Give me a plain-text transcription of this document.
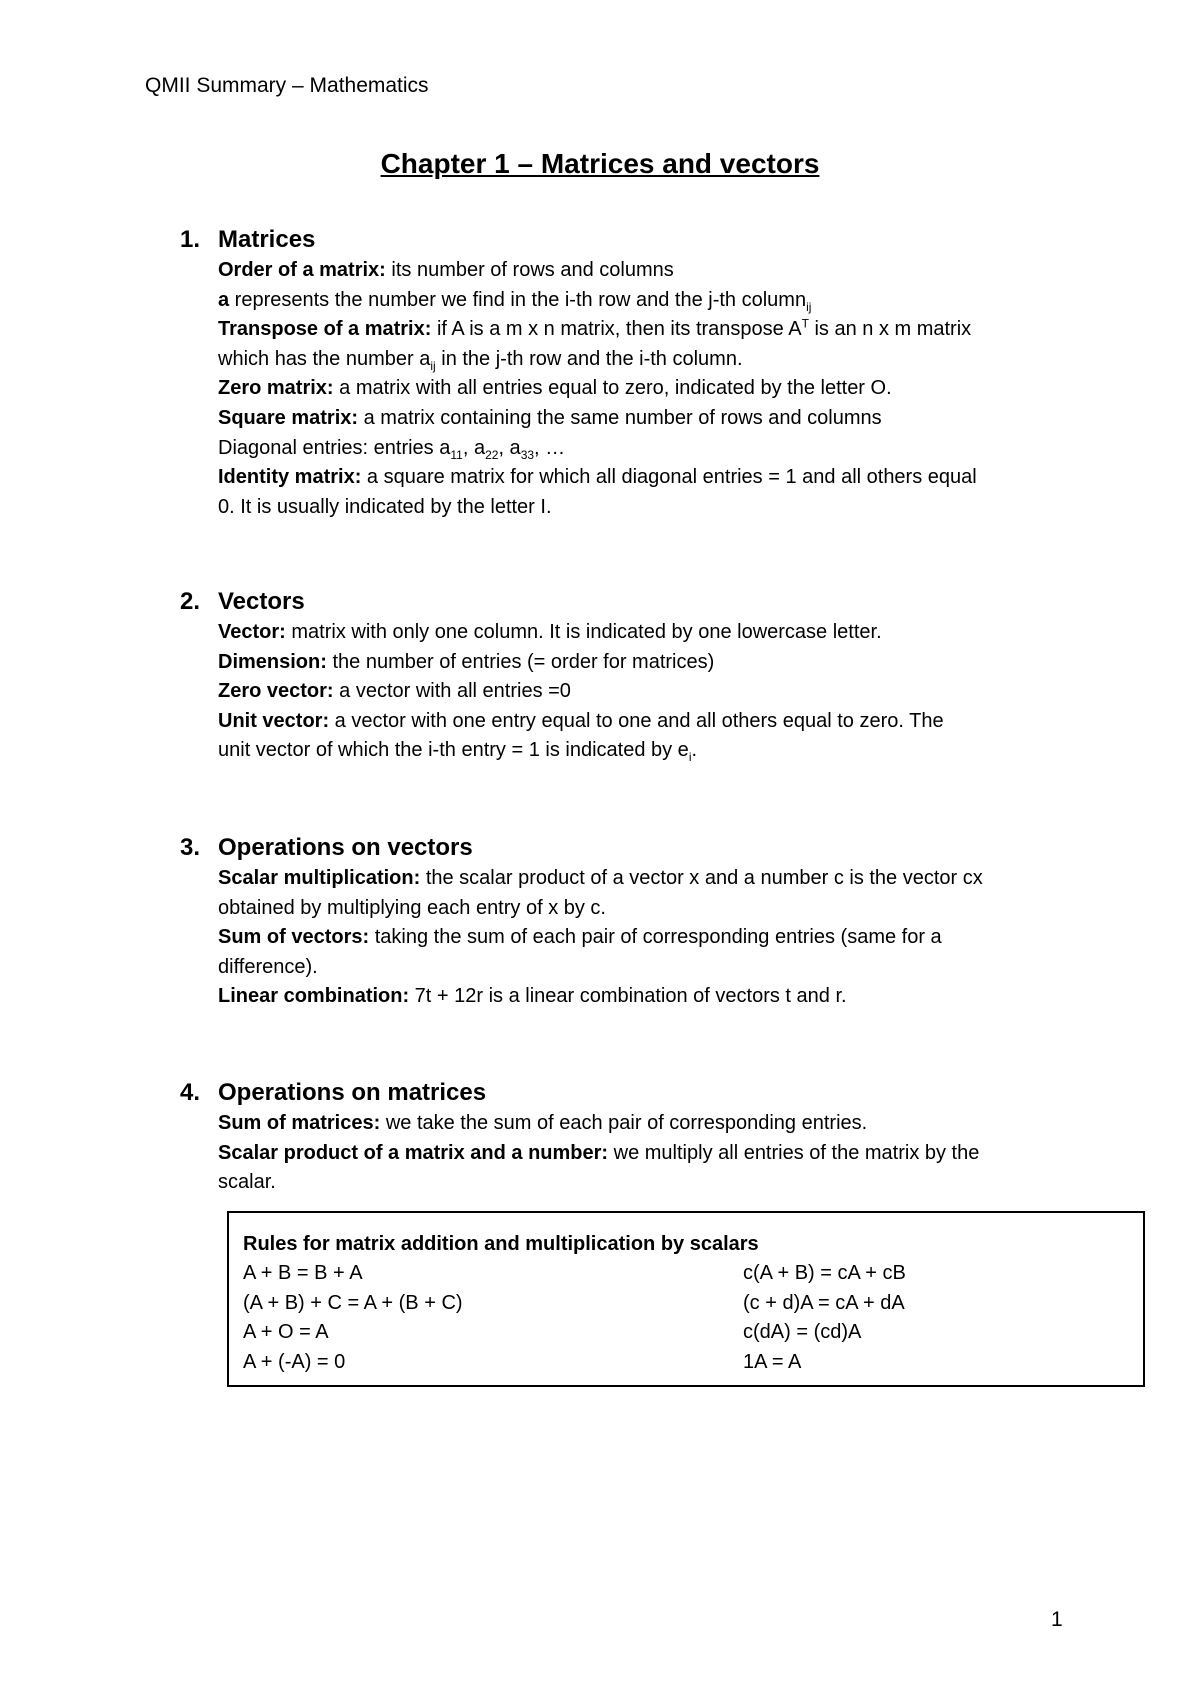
QMII Summary – Mathematics
Chapter 1 – Matrices and vectors
1. Matrices
Order of a matrix: its number of rows and columns
a represents the number we find in the i-th row and the j-th column$_{ij}$
Transpose of a matrix: if A is a m x n matrix, then its transpose $A^T$ is an n x m matrix
which has the number $a_{ij}$ in the j-th row and the i-th column.
Zero matrix: a matrix with all entries equal to zero, indicated by the letter O.
Square matrix: a matrix containing the same number of rows and columns
Diagonal entries: entries $a_{11}$, $a_{22}$, $a_{33}$, …
Identity matrix: a square matrix for which all diagonal entries = 1 and all others equal
0. It is usually indicated by the letter I.
2. Vectors
Vector: matrix with only one column. It is indicated by one lowercase letter.
Dimension: the number of entries (= order for matrices)
Zero vector: a vector with all entries =0
Unit vector: a vector with one entry equal to one and all others equal to zero. The
unit vector of which the i-th entry = 1 is indicated by $e_i$.
3. Operations on vectors
Scalar multiplication: the scalar product of a vector x and a number c is the vector cx
obtained by multiplying each entry of x by c.
Sum of vectors: taking the sum of each pair of corresponding entries (same for a
difference).
Linear combination: 7t + 12r is a linear combination of vectors t and r.
4. Operations on matrices
Sum of matrices: we take the sum of each pair of corresponding entries.
Scalar product of a matrix and a number: we multiply all entries of the matrix by the
scalar.
Rules for matrix addition and multiplication by scalars
A + B = B + A	c(A + B) = cA + cB
(A + B) + C = A + (B + C)	(c + d)A = cA + dA
A + O = A	c(dA) = (cd)A
A + (-A) = 0	1A = A
1
